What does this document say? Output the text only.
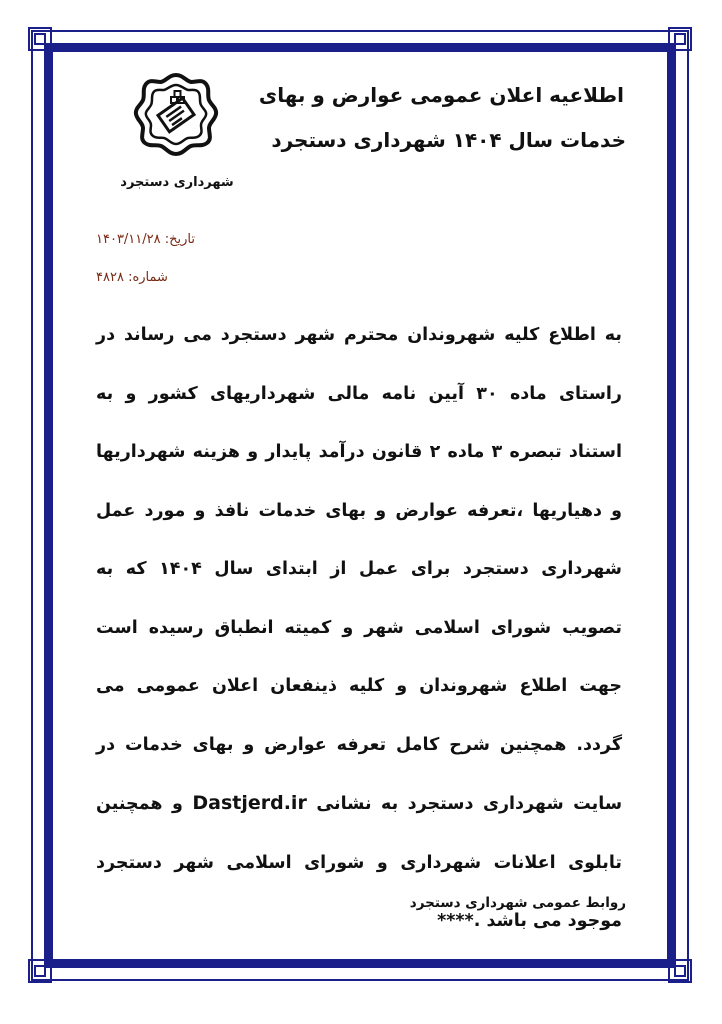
شهرداری دستجرد
اطلاعیه اعلان عمومی عوارض و بهای
خدمات سال ۱۴۰۴ شهرداری دستجرد
تاریخ: ۱۴۰۳/۱۱/۲۸
شماره: ۴۸۲۸
به اطلاع کلیه شهروندان محترم شهر دستجرد می رساند در راستای ماده ۳۰ آیین نامه مالی شهرداریهای کشور و به استناد تبصره ۳ ماده ۲ قانون درآمد پایدار و هزینه شهرداریها و دهیاریها ،تعرفه عوارض و بهای خدمات نافذ و مورد عمل شهرداری دستجرد برای عمل از ابتدای سال ۱۴۰۴ که به تصویب شورای اسلامی شهر و کمیته انطباق رسیده است جهت اطلاع شهروندان و کلیه ذینفعان اعلان عمومی می گردد. همچنین شرح کامل تعرفه عوارض و بهای خدمات در سایت شهرداری دستجرد به نشانی Dastjerd.ir و همچنین تابلوی اعلانات شهرداری و شورای اسلامی شهر دستجرد موجود می باشد .****
روابط عمومی شهرداری دستجرد
